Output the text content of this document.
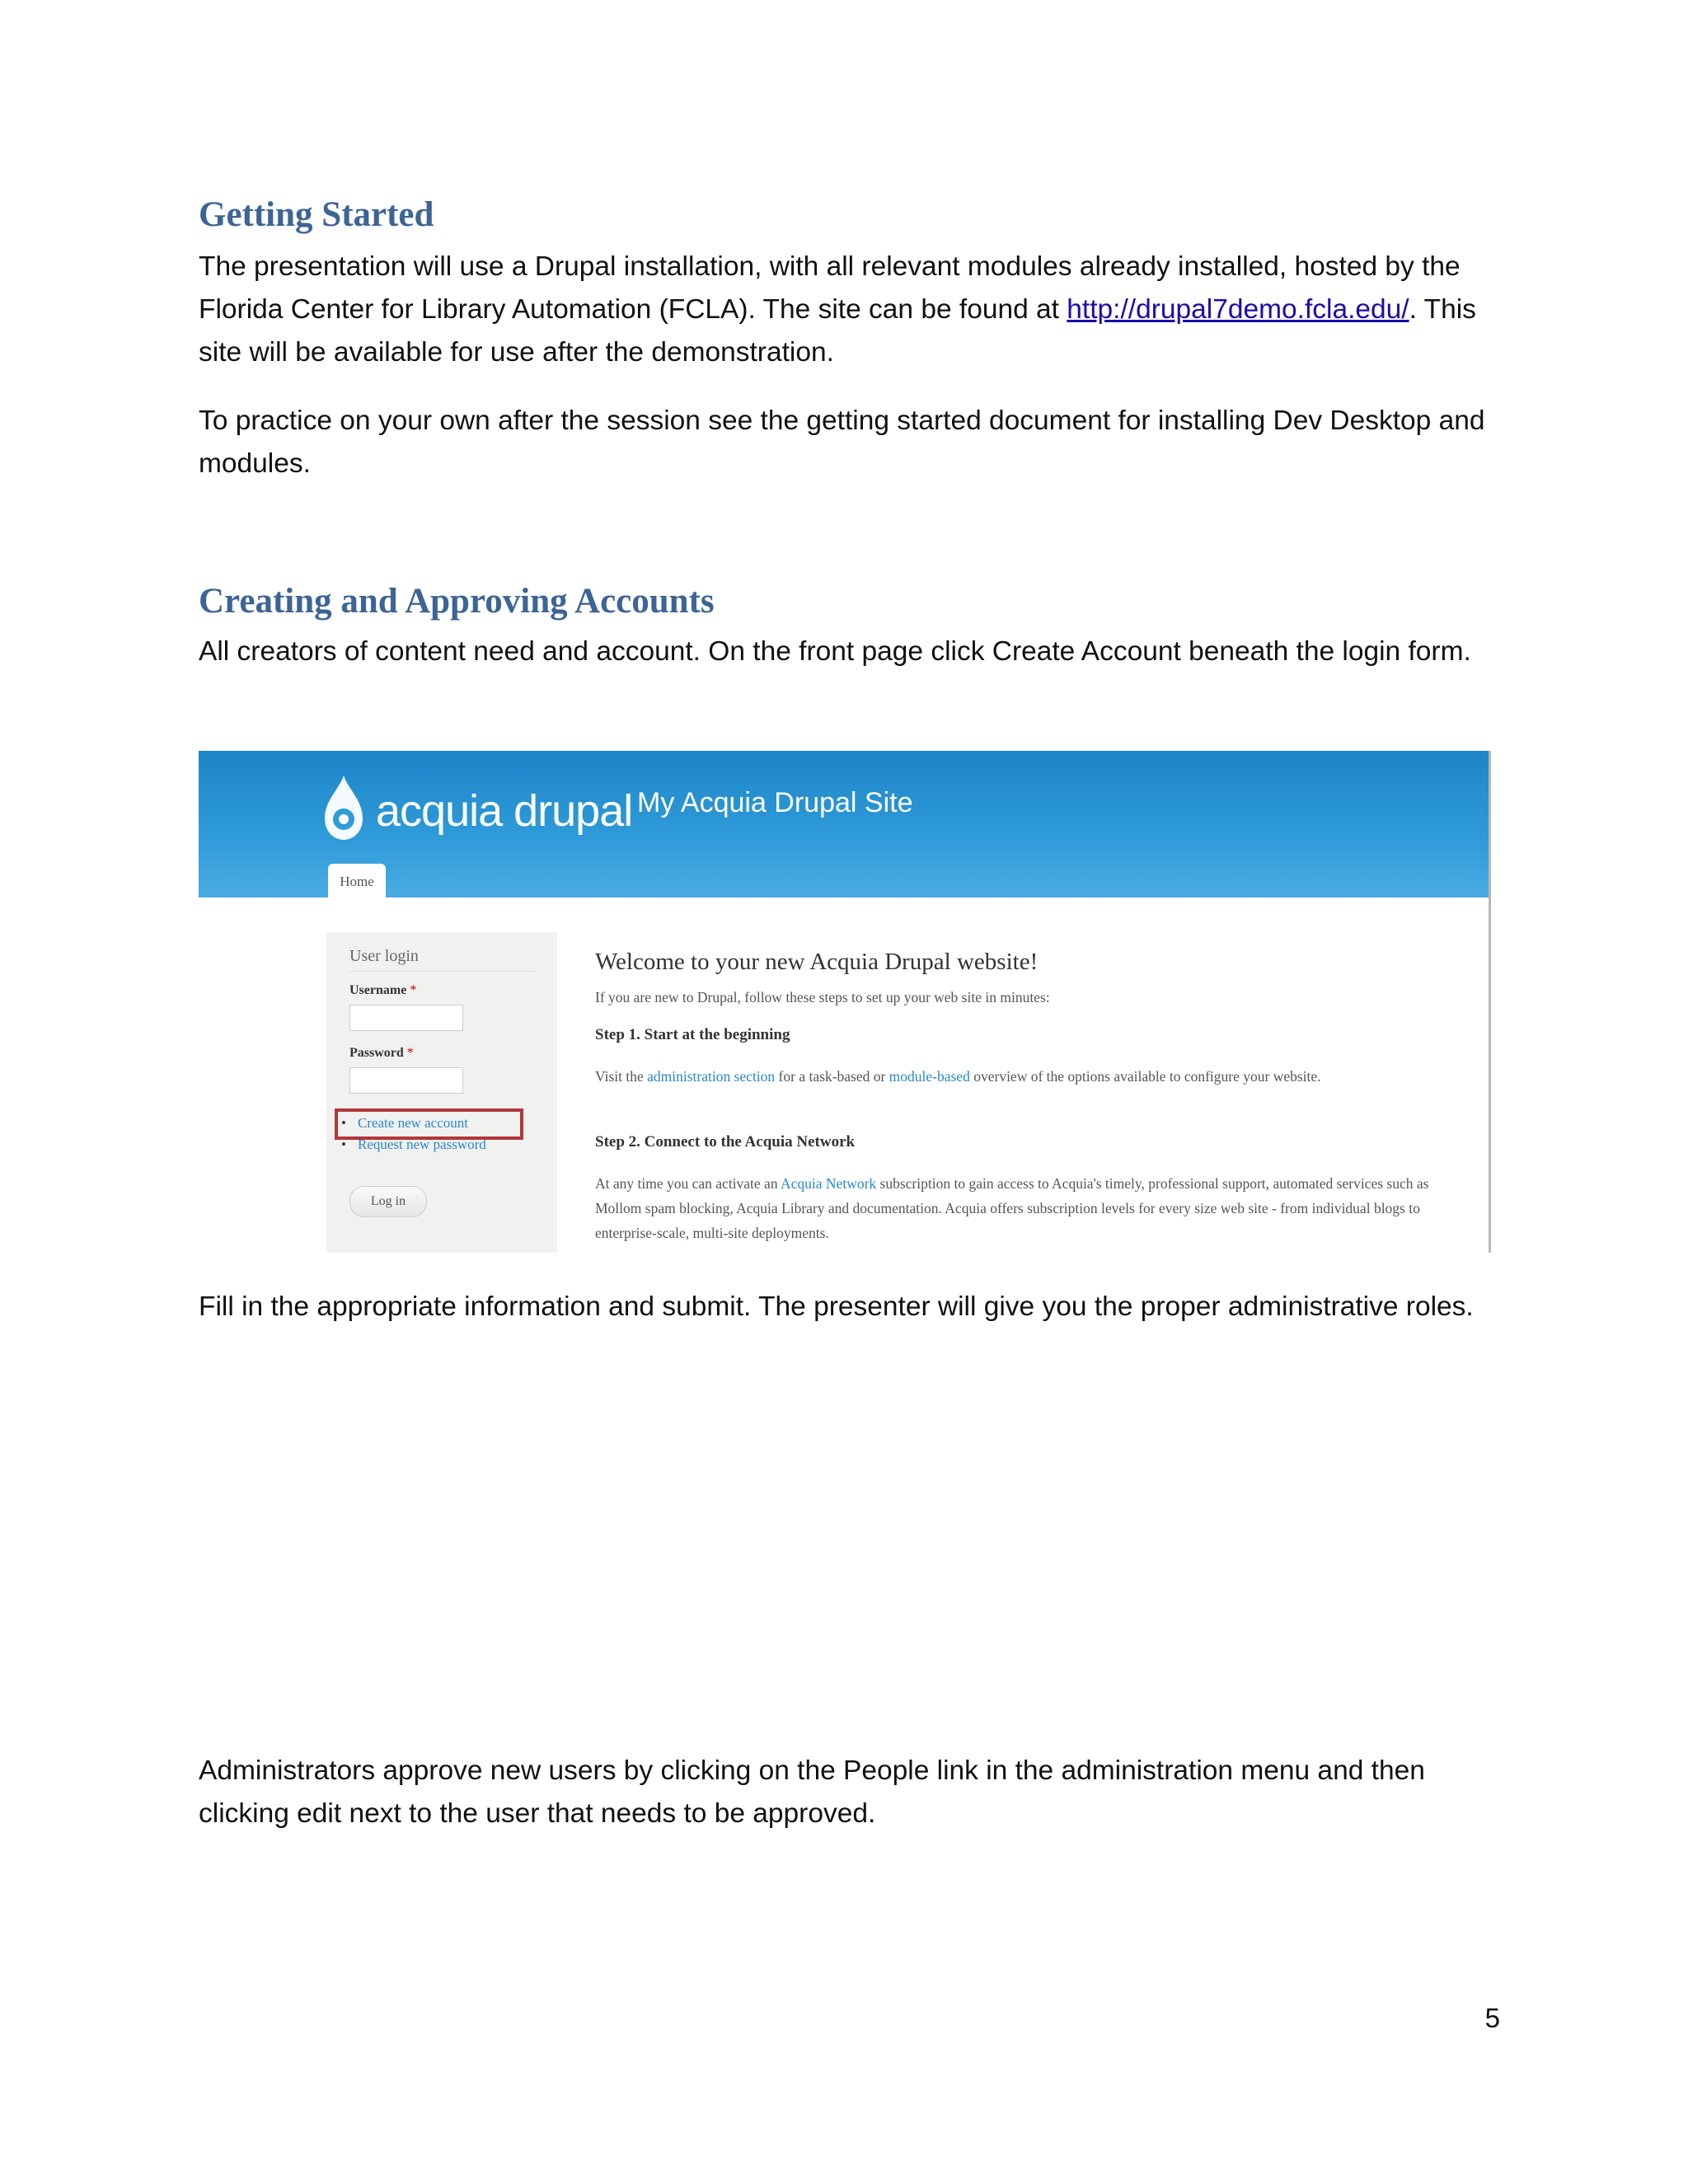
Getting Started

The presentation will use a Drupal installation, with all relevant modules already installed, hosted by the Florida Center for Library Automation (FCLA). The site can be found at http://drupal7demo.fcla.edu/. This site will be available for use after the demonstration.

To practice on your own after the session see the getting started document for installing Dev Desktop and modules.

Creating and Approving Accounts

All creators of content need and account. On the front page click Create Account beneath the login form.

acquia drupal My Acquia Drupal Site
Home
User login
Username *
Password *
• Create new account
• Request new password
Log in
Welcome to your new Acquia Drupal website!
If you are new to Drupal, follow these steps to set up your web site in minutes:
Step 1. Start at the beginning
Visit the administration section for a task-based or module-based overview of the options available to configure your website.
Step 2. Connect to the Acquia Network
At any time you can activate an Acquia Network subscription to gain access to Acquia's timely, professional support, automated services such as Mollom spam blocking, Acquia Library and documentation. Acquia offers subscription levels for every size web site - from individual blogs to enterprise-scale, multi-site deployments.

Fill in the appropriate information and submit. The presenter will give you the proper administrative roles.

Administrators approve new users by clicking on the People link in the administration menu and then clicking edit next to the user that needs to be approved.

5
